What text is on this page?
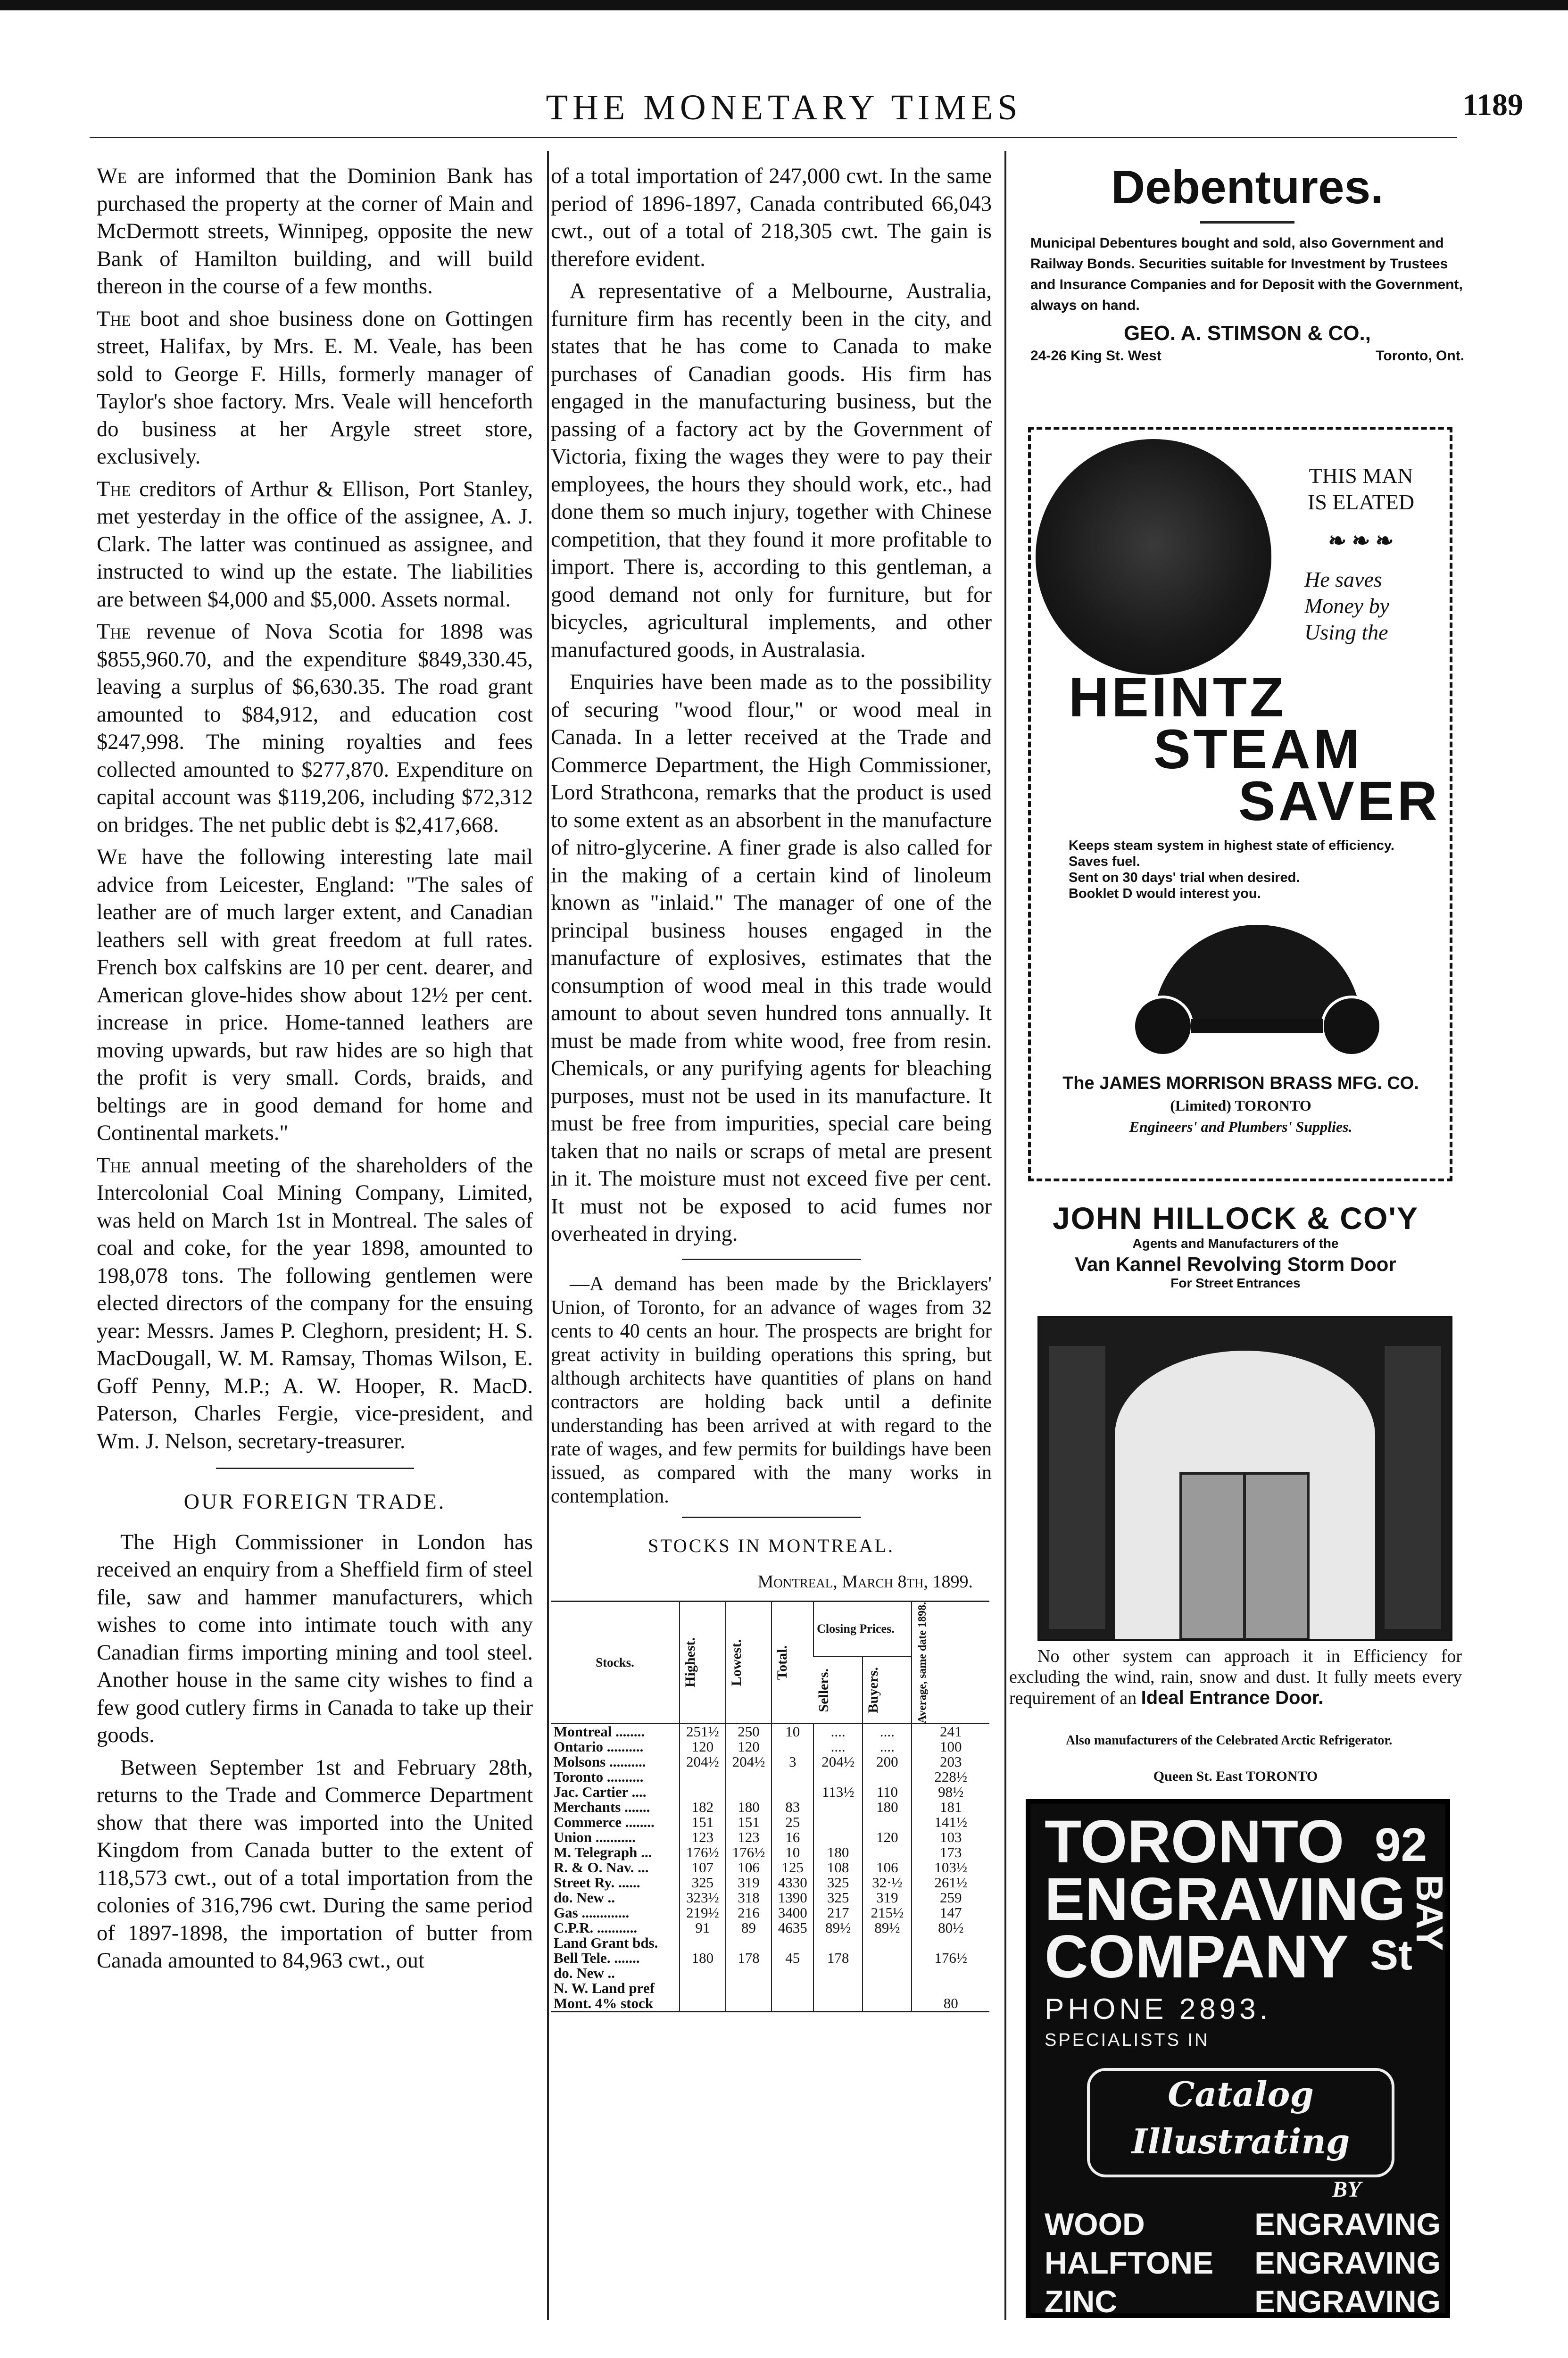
THE MONETARY TIMES	1189

We are informed that the Dominion Bank has purchased the property at the corner of Main and McDermott streets, Winnipeg, opposite the new Bank of Hamilton building, and will build thereon in the course of a few months.

The boot and shoe business done on Gottingen street, Halifax, by Mrs. E. M. Veale, has been sold to George F. Hills, formerly manager of Taylor's shoe factory. Mrs. Veale will henceforth do business at her Argyle street store, exclusively.

The creditors of Arthur & Ellison, Port Stanley, met yesterday in the office of the assignee, A. J. Clark. The latter was continued as assignee, and instructed to wind up the estate. The liabilities are between $4,000 and $5,000. Assets normal.

The revenue of Nova Scotia for 1898 was $855,960.70, and the expenditure $849,330.45, leaving a surplus of $6,630.35. The road grant amounted to $84,912, and education cost $247,998. The mining royalties and fees collected amounted to $277,870. Expenditure on capital account was $119,206, including $72,312 on bridges. The net public debt is $2,417,668.

We have the following interesting late mail advice from Leicester, England: "The sales of leather are of much larger extent, and Canadian leathers sell with great freedom at full rates. French box calfskins are 10 per cent. dearer, and American glove-hides show about 12½ per cent. increase in price. Home-tanned leathers are moving upwards, but raw hides are so high that the profit is very small. Cords, braids, and beltings are in good demand for home and Continental markets."

The annual meeting of the shareholders of the Intercolonial Coal Mining Company, Limited, was held on March 1st in Montreal. The sales of coal and coke, for the year 1898, amounted to 198,078 tons. The following gentlemen were elected directors of the company for the ensuing year: Messrs. James P. Cleghorn, president; H. S. MacDougall, W. M. Ramsay, Thomas Wilson, E. Goff Penny, M.P.; A. W. Hooper, R. MacD. Paterson, Charles Fergie, vice-president, and Wm. J. Nelson, secretary-treasurer.

OUR FOREIGN TRADE.

The High Commissioner in London has received an enquiry from a Sheffield firm of steel file, saw and hammer manufacturers, which wishes to come into intimate touch with any Canadian firms importing mining and tool steel. Another house in the same city wishes to find a few good cutlery firms in Canada to take up their goods.

Between September 1st and February 28th, returns to the Trade and Commerce Department show that there was imported into the United Kingdom from Canada butter to the extent of 118,573 cwt., out of a total importation from the colonies of 316,796 cwt. During the same period of 1897-1898, the importation of butter from Canada amounted to 84,963 cwt., out

of a total importation of 247,000 cwt. In the same period of 1896-1897, Canada contributed 66,043 cwt., out of a total of 218,305 cwt. The gain is therefore evident.

A representative of a Melbourne, Australia, furniture firm has recently been in the city, and states that he has come to Canada to make purchases of Canadian goods. His firm has engaged in the manufacturing business, but the passing of a factory act by the Government of Victoria, fixing the wages they were to pay their employees, the hours they should work, etc., had done them so much injury, together with Chinese competition, that they found it more profitable to import. There is, according to this gentleman, a good demand not only for furniture, but for bicycles, agricultural implements, and other manufactured goods, in Australasia.

Enquiries have been made as to the possibility of securing "wood flour," or wood meal in Canada. In a letter received at the Trade and Commerce Department, the High Commissioner, Lord Strathcona, remarks that the product is used to some extent as an absorbent in the manufacture of nitro-glycerine. A finer grade is also called for in the making of a certain kind of linoleum known as "inlaid." The manager of one of the principal business houses engaged in the manufacture of explosives, estimates that the consumption of wood meal in this trade would amount to about seven hundred tons annually. It must be made from white wood, free from resin. Chemicals, or any purifying agents for bleaching purposes, must not be used in its manufacture. It must be free from impurities, special care being taken that no nails or scraps of metal are present in it. The moisture must not exceed five per cent. It must not be exposed to acid fumes nor overheated in drying.

—A demand has been made by the Bricklayers' Union, of Toronto, for an advance of wages from 32 cents to 40 cents an hour. The prospects are bright for great activity in building operations this spring, but although architects have quantities of plans on hand contractors are holding back until a definite understanding has been arrived at with regard to the rate of wages, and few permits for buildings have been issued, as compared with the many works in contemplation.

STOCKS IN MONTREAL.
Montreal, March 8th, 1899.
Stocks.	Highest.	Lowest.	Total.	Closing Prices.		Average, same date 1898.

				Sellers.	Buyers.	

Montreal ........	251½	250	10	....	....	241
Ontario ..........	120	120		....	....	100
Molsons ..........	204½	204½	3	204½	200	203
Toronto ..........						228½
Jac. Cartier ....				113½	110	98½
Merchants .......	182	180	83		180	181
Commerce ........	151	151	25			141½
Union ...........	123	123	16		120	103
M. Telegraph ...	176½	176½	10	180		173
R. & O. Nav. ...	107	106	125	108	106	103½
Street Ry. ......	325	319	4330	325	32·½	261½
do. New ..	323½	318	1390	325	319	259
Gas .............	219½	216	3400	217	215½	147
C.P.R. ...........	91	89	4635	89½	89½	80½
Land Grant bds.						
Bell Tele. .......	180	178	45	178		176½
do. New ..						
N. W. Land pref						
Mont. 4% stock						80
Debentures.
Municipal Debentures bought and sold, also Government and Railway Bonds. Securities suitable for Investment by Trustees and Insurance Companies and for Deposit with the Government, always on hand.
GEO. A. STIMSON & CO.,
24-26 King St. West	Toronto, Ont.
THIS MAN
IS ELATED
❧ ❧ ❧
He saves
Money by
Using the
HEINTZ
STEAM
SAVER
Keeps steam system in highest state of efficiency.
Saves fuel.
Sent on 30 days' trial when desired.
Booklet D would interest you.
The JAMES MORRISON BRASS MFG. CO.
(Limited) TORONTO
Engineers' and Plumbers' Supplies.
JOHN HILLOCK & CO'Y
Agents and Manufacturers of the
Van Kannel Revolving Storm Door
For Street Entrances
No other system can approach it in Efficiency for excluding the wind, rain, snow and dust. It fully meets every requirement of an Ideal Entrance Door.
Also manufacturers of the Celebrated Arctic Refrigerator.
Queen St. East TORONTO
TORONTO
ENGRAVING
COMPANY
92
BAY
St
PHONE 2893.
SPECIALISTS IN
Catalog Illustrating
BY
WOOD	ENGRAVING
HALFTONE ENGRAVING
ZINC	ENGRAVING
